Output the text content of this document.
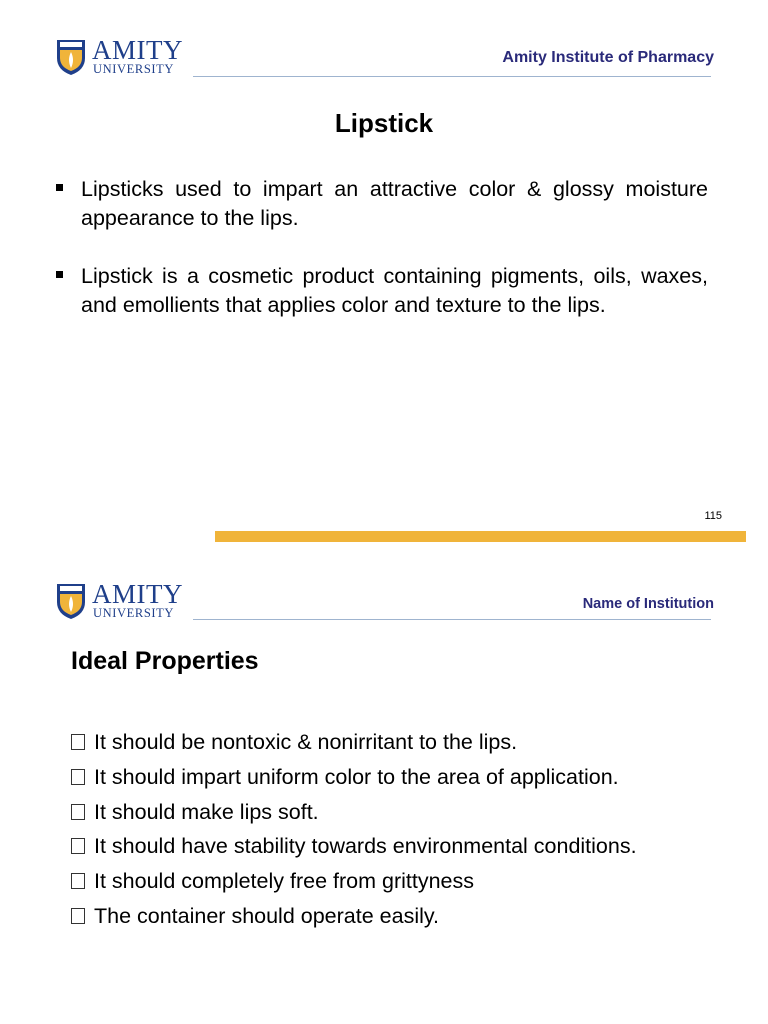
AMITY
UNIVERSITY
Amity Institute of Pharmacy
Lipstick
Lipsticks used to impart an attractive color & glossy moisture appearance to the lips.
Lipstick is a cosmetic product containing pigments, oils, waxes, and emollients that applies color and texture to the lips.
115
AMITY
UNIVERSITY
Name of Institution
Ideal Properties
It should be nontoxic & nonirritant to the lips.
It should impart uniform color to the area of application.
It should make lips soft.
It should have stability towards environmental conditions.
It should completely free from grittyness
The container should operate easily.
